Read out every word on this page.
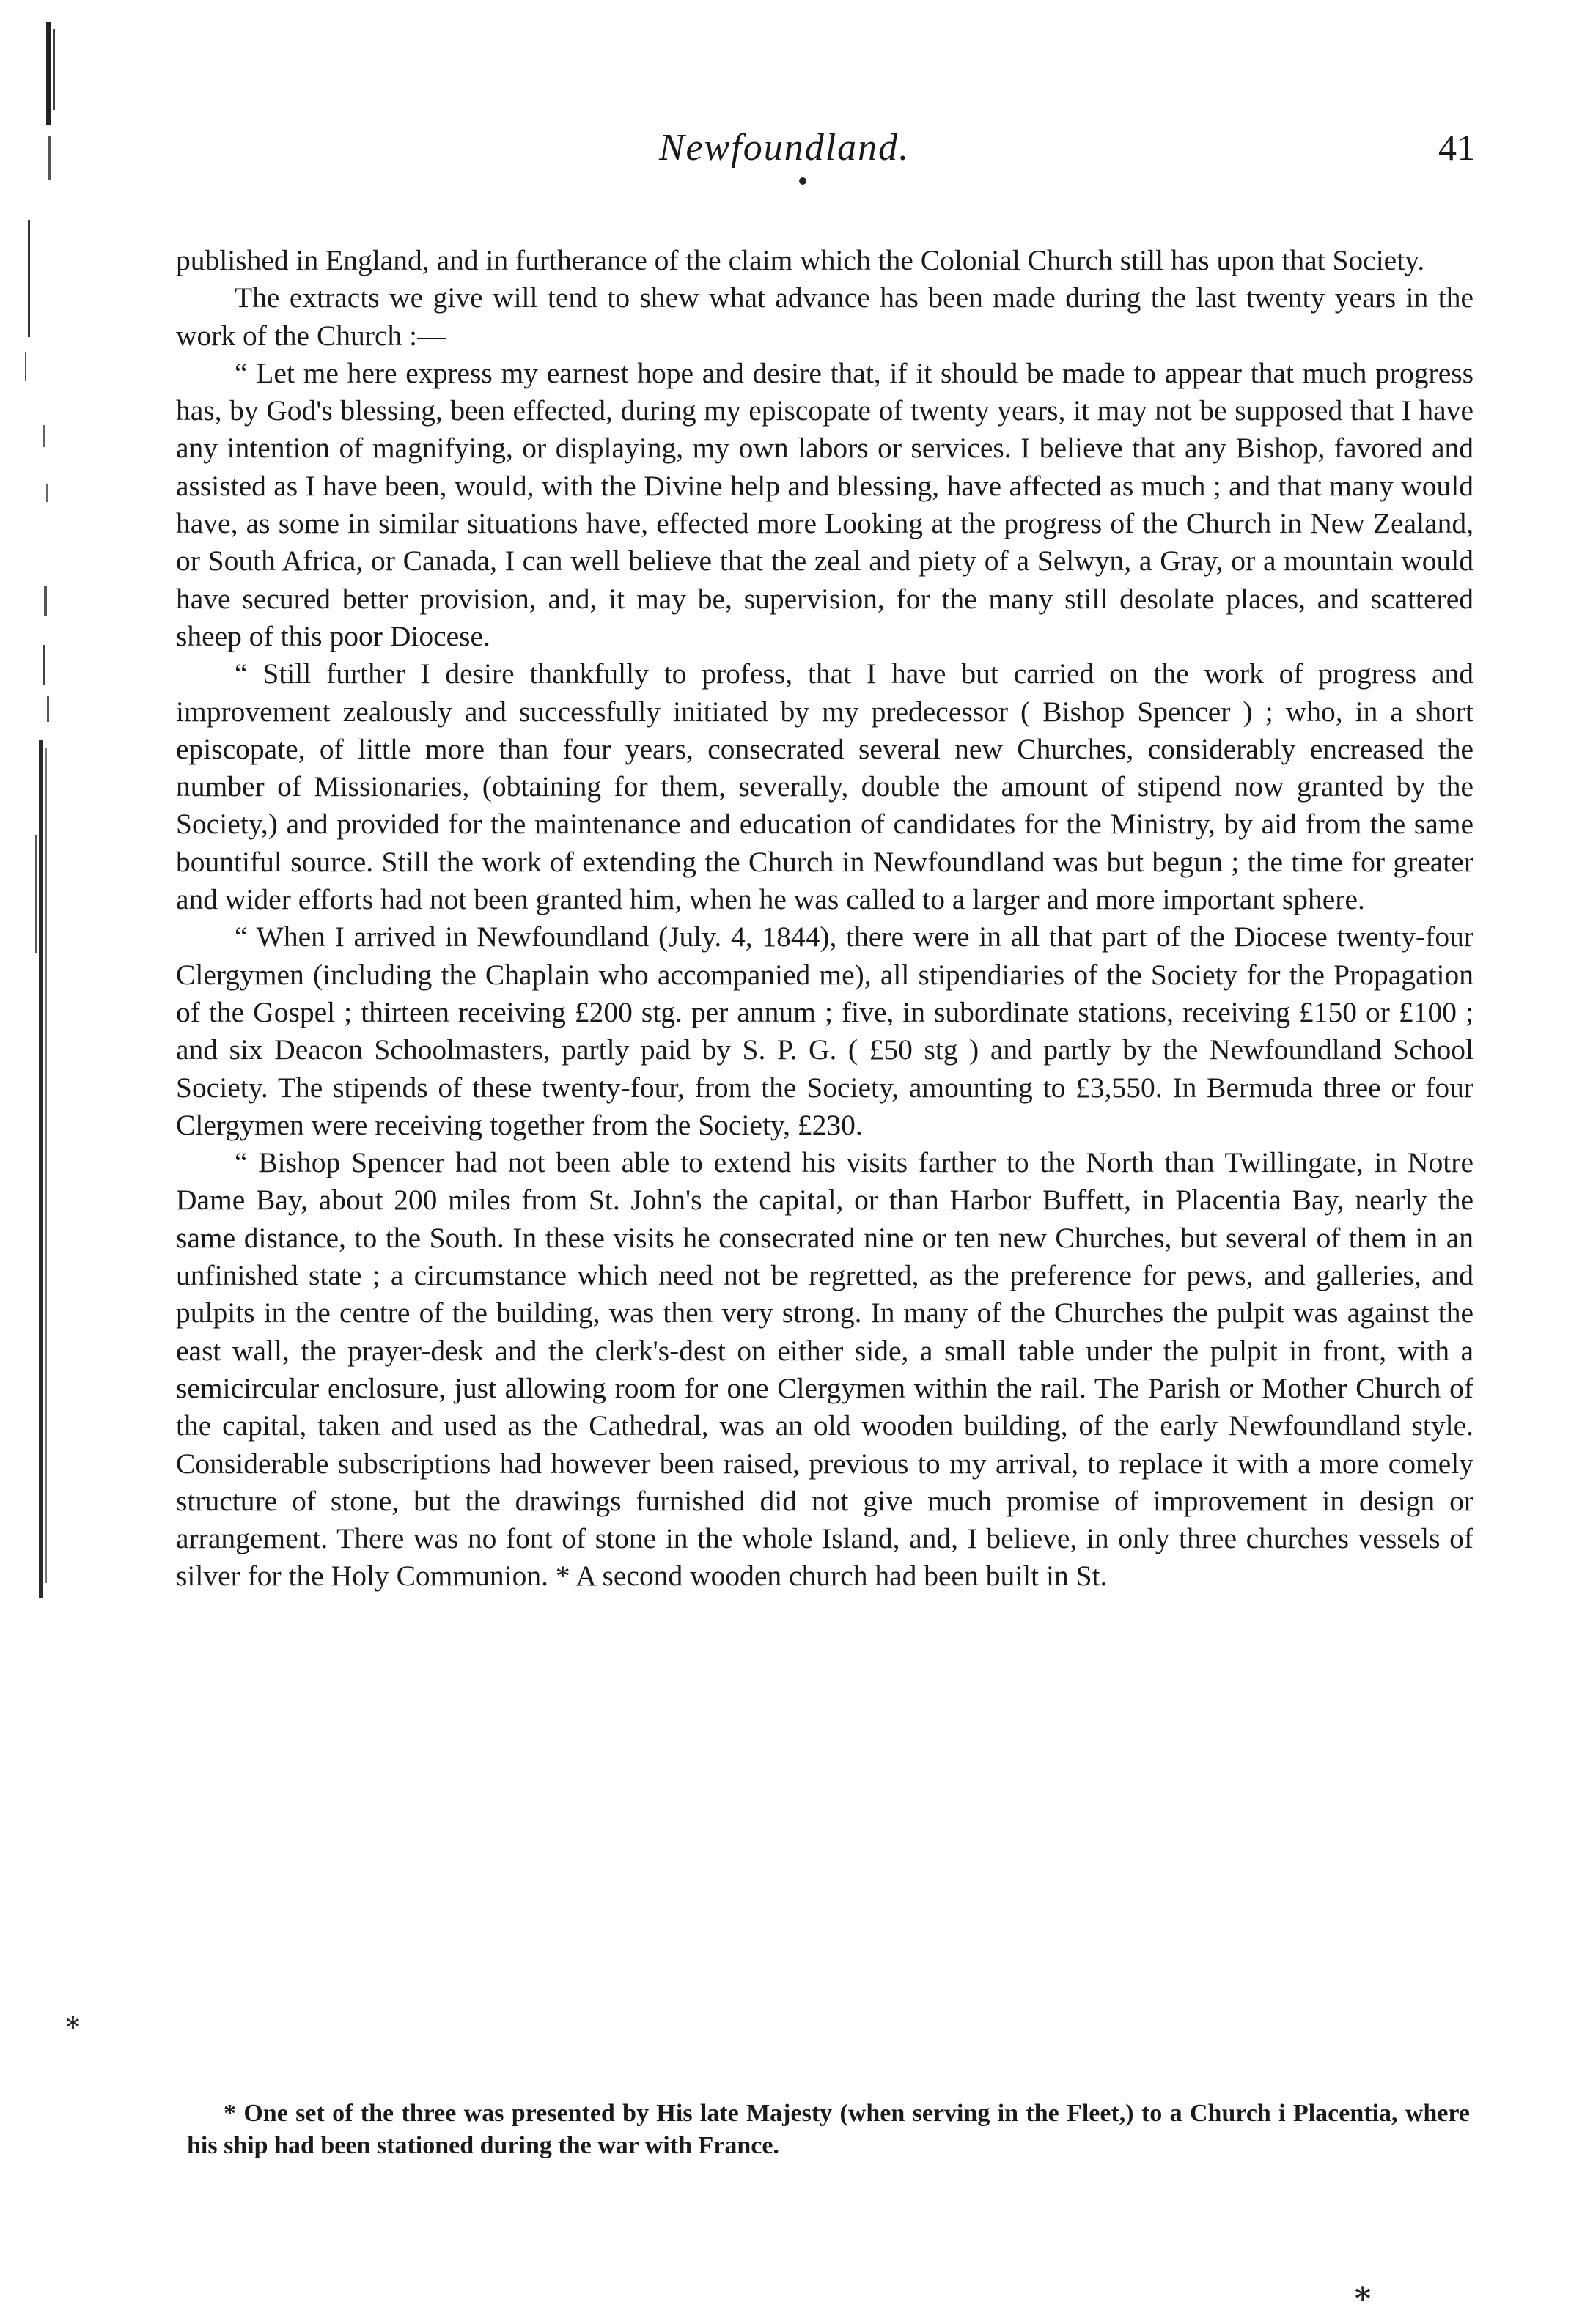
Newfoundland.	41

published in England, and in furtherance of the claim which the Colonial Church still has upon that Society.

The extracts we give will tend to shew what advance has been made during the last twenty years in the work of the Church :—

“ Let me here express my earnest hope and desire that, if it should be made to appear that much progress has, by God's blessing, been effected, during my episcopate of twenty years, it may not be supposed that I have any intention of magnifying, or displaying, my own labors or services. I believe that any Bishop, favored and assisted as I have been, would, with the Divine help and blessing, have affected as much ; and that many would have, as some in similar situations have, effected more Looking at the progress of the Church in New Zealand, or South Africa, or Canada, I can well believe that the zeal and piety of a Selwyn, a Gray, or a mountain would have secured better provision, and, it may be, supervision, for the many still desolate places, and scattered sheep of this poor Diocese.

“ Still further I desire thankfully to profess, that I have but carried on the work of progress and improvement zealously and successfully initiated by my predecessor ( Bishop Spencer ) ; who, in a short episcopate, of little more than four years, consecrated several new Churches, considerably encreased the number of Missionaries, (obtaining for them, severally, double the amount of stipend now granted by the Society,) and provided for the maintenance and education of candidates for the Ministry, by aid from the same bountiful source. Still the work of extending the Church in Newfoundland was but begun ; the time for greater and wider efforts had not been granted him, when he was called to a larger and more important sphere.

“ When I arrived in Newfoundland (July. 4, 1844), there were in all that part of the Diocese twenty-four Clergymen (including the Chaplain who accompanied me), all stipendiaries of the Society for the Propagation of the Gospel ; thirteen receiving £200 stg. per annum ; five, in subordinate stations, receiving £150 or £100 ; and six Deacon Schoolmasters, partly paid by S. P. G. ( £50 stg ) and partly by the Newfoundland School Society. The stipends of these twenty-four, from the Society, amounting to £3,550. In Bermuda three or four Clergymen were receiving together from the Society, £230.

“ Bishop Spencer had not been able to extend his visits farther to the North than Twillingate, in Notre Dame Bay, about 200 miles from St. John's the capital, or than Harbor Buffett, in Placentia Bay, nearly the same distance, to the South. In these visits he consecrated nine or ten new Churches, but several of them in an unfinished state ; a circumstance which need not be regretted, as the preference for pews, and galleries, and pulpits in the centre of the building, was then very strong. In many of the Churches the pulpit was against the east wall, the prayer-desk and the clerk's-dest on either side, a small table under the pulpit in front, with a semicircular enclosure, just allowing room for one Clergymen within the rail. The Parish or Mother Church of the capital, taken and used as the Cathedral, was an old wooden building, of the early Newfoundland style. Considerable subscriptions had however been raised, previous to my arrival, to replace it with a more comely structure of stone, but the drawings furnished did not give much promise of improvement in design or arrangement. There was no font of stone in the whole Island, and, I believe, in only three churches vessels of silver for the Holy Communion. * A second wooden church had been built in St.

* One set of the three was presented by His late Majesty (when serving in the Fleet,) to a Church i Placentia, where his ship had been stationed during the war with France.

⁎
⁎
